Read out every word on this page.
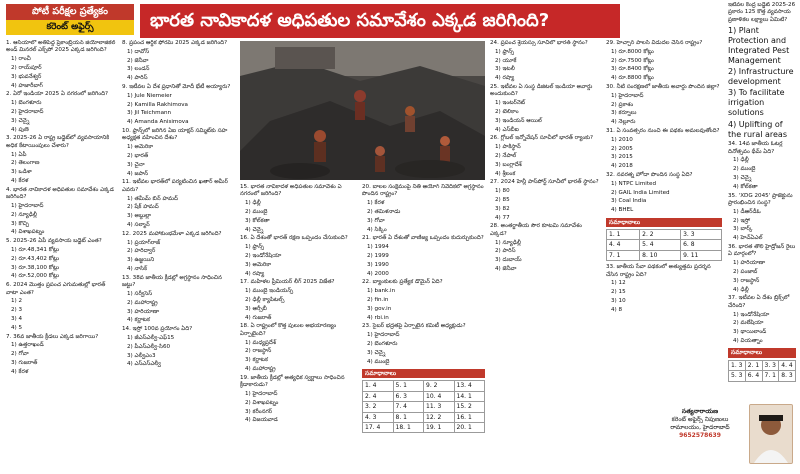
పోటీ పరీక్షల ప్రత్యేకం
కరెంట్ అఫైర్స్	భారత నావికాదళ అధిపతుల సమావేశం ఎక్కడ జరిగింది?

1. ఆసియాలో అతిపెద్ద ప్రెకాంబ్రియన్ జియోలాజికల్ అండ్ మినరల్ ఎక్స్‌పో 2025 ఎక్కడ జరిగింది?

1) రాంచీ

2) రాయ్‌పూర్

3) భువనేశ్వర్

4) హజారీబాగ్

2. ఏరో ఇండియా 2025 ఏ నగరంలో జరిగింది?

1) బెంగళూరు

2) హైదరాబాద్

3) చెన్నై

4) పుణె

3. 2025-26 ఏ రాష్ట్ర బడ్జెట్‌లో వ్యవసాయానికి అధిక కేటాయింపులు చేశారు?

1) ఏపీ

2) తెలంగాణ

3) ఒడిశా

4) కేరళ

4. భారత నావికాదళ అధిపతుల సమావేశం ఎక్కడ జరిగింది?

1) హైదరాబాద్

2) న్యూఢిల్లీ

3) కొచ్చి

4) విశాఖపట్నం

5. 2025-26 ఏపీ వ్యవసాయ బడ్జెట్ ఎంత?

1) రూ.48,341 కోట్లు

2) రూ.43,402 కోట్లు

3) రూ.38,100 కోట్లు

4) రూ.52,000 కోట్లు

6. 2024 మొత్తం ప్రపంచ ఎగుమతుల్లో భారత్ వాటా ఎంత?

1) 2

2) 3

3) 4

4) 5

7. 36వ జాతీయ క్రీడలు ఎక్కడ జరిగాయి?

1) ఉత్తరాఖండ్

2) గోవా

3) గుజరాత్

4) కేరళ

8. ప్రపంచ ఆర్థిక ఫోరమ్ 2025 ఎక్కడ జరిగింది?

1) దావోస్

2) జెనీవా

3) లండన్

4) పారిస్

9. ఇటీవల ఏ దేశ ప్రధానితో మోదీ భేటీ అయ్యారు?

1) Jule Niemeier

2) Kamilla Rakhimova

3) Jil Teichmann

4) Amanda Anisimova

10. ఫ్రాన్స్‌లో జరిగిన ఏఐ యాక్షన్ సమ్మిట్‌కు సహ అధ్యక్షత వహించిన దేశం?

1) అమెరికా

2) భారత్

3) చైనా

4) జపాన్

11. ఇటీవల భారత్‌లో పర్యటించిన ఖతార్ అమీర్ ఎవరు?

1) తమీమ్ బిన్ హమద్

2) షేక్ హమద్

3) అబ్దుల్లా

4) సల్మాన్

12. 2025 మహాకుంభమేళా ఎక్కడ జరిగింది?

1) ప్రయాగ్‌రాజ్

2) హరిద్వార్

3) ఉజ్జయిని

4) నాసిక్

13. 38వ జాతీయ క్రీడల్లో అగ్రస్థానం సాధించిన జట్టు?

1) సర్వీసెస్

2) మహారాష్ట్ర

3) హరియాణా

4) కర్ణాటక

14. ఇస్రో 100వ ప్రయోగం ఏది?

1) జీఎస్ఎల్వీ-ఎఫ్15

2) పీఎస్ఎల్వీ-సి60

3) ఎల్వీఎం3

4) ఎస్ఎస్ఎల్వీ

15. భారత నావికాదళ అధిపతుల సమావేశం ఏ నగరంలో జరిగింది?

1) ఢిల్లీ

2) ముంబై

3) కోల్‌కతా

4) చెన్నై

16. ఏ దేశంతో భారత్ రక్షణ ఒప్పందం చేసుకుంది?

1) ఫ్రాన్స్

2) ఇండోనేషియా

3) అమెరికా

4) రష్యా

17. మహిళల ప్రీమియర్ లీగ్ 2025 విజేత?

1) ముంబై ఇండియన్స్

2) ఢిల్లీ క్యాపిటల్స్

3) ఆర్సీబీ

4) గుజరాత్

18. ఏ రాష్ట్రంలో కొత్త పులుల అభయారణ్యం ఏర్పాటైంది?

1) మధ్యప్రదేశ్

2) రాజస్థాన్

3) కర్ణాటక

4) మహారాష్ట్ర

19. జాతీయ క్రీడల్లో అత్యధిక స్వర్ణాలు సాధించిన క్రీడాకారుడు?

1) హైదరాబాద్

2) విశాఖపట్నం

3) కరీంనగర్

4) విజయవాడ

20. బాలల సంక్షేమంపై నీతి ఆయోగ్ నివేదికలో అగ్రస్థానం పొందిన రాష్ట్రం?

1) కేరళ

2) తమిళనాడు

3) గోవా

4) సిక్కిం

21. భారత్ ఏ దేశంతో వాణిజ్య ఒప్పందం కుదుర్చుకుంది?

1) 1994

2) 1999

3) 1990

4) 2000

22. బ్యాంకులకు ప్రత్యేక డొమైన్ ఏది?

1) bank.in

2) fin.in

3) gov.in

4) rbi.in

23. సైబర్ భద్రతపై ఏర్పాటైన కమిటీ అధ్యక్షుడు?

1) హైదరాబాద్

2) బెంగళూరు

3) చెన్నై

4) ముంబై

సమాధానాలు
1. 4	5. 1	9. 2	13. 4
2. 4	6. 3	10. 4	14. 1
3. 2	7. 4	11. 3	15. 2
4. 3	8. 1	12. 2	16. 1
17. 4	18. 1	19. 1	20. 1

24. ప్రపంచ శ్రేయస్సు సూచీలో భారత్ స్థానం?

1) ఫ్రాన్స్

2) యూకే

3) ఇటలీ

4) రష్యా

25. ఇటీవల ఏ సంస్థ డిజిటల్ ఇండియా అవార్డు అందుకుంది?

1) ఇంటర్‌నెట్

2) టెలికాం

3) ఇండియన్ ఆయిల్

4) ఎస్‌బీఐ

26. గ్లోబల్ ఇన్నోవేషన్ సూచీలో భారత్ ర్యాంకు?

1) పాకిస్థాన్

2) నేపాల్

3) బంగ్లాదేశ్

4) శ్రీలంక

27. 2024 హెన్లీ పాస్‌పోర్ట్ సూచీలో భారత్ స్థానం?

1) 80

2) 85

3) 82

4) 77

28. అంతర్జాతీయ సౌర కూటమి సమావేశం ఎక్కడ?

1) న్యూఢిల్లీ

2) పారిస్

3) దుబాయ్

4) జెనీవా

29. హెచ్చార్ పాలసీ విడుదల చేసిన రాష్ట్రం?

1) రూ.8000 కోట్లు

2) రూ.7500 కోట్లు

3) రూ.8400 కోట్లు

4) రూ.8800 కోట్లు

30. నీటి సంరక్షణలో జాతీయ అవార్డు పొందిన జిల్లా?

1) హైదరాబాద్

2) ప్రకాశం

3) కర్నూలు

4) నెల్లూరు

31. ఏ సంవత్సరం నుంచి ఈ పథకం అమలవుతోంది?

1) 2010

2) 2005

3) 2015

4) 2018

32. నవరత్న హోదా పొందిన సంస్థ ఏది?

1) NTPC Limited

2) GAIL India Limited

3) Coal India

4) BHEL

సమాధానాలు
1. 1	2. 2	3. 3
4. 4	5. 4	6. 8
7. 1	8. 10	9. 11

33. జాతీయ సేవా పథకంలో అత్యుత్తమ ప్రదర్శన చేసిన రాష్ట్రం ఏది?

1) 12

2) 15

3) 10

4) 8

ఇటీవల కేంద్ర బడ్జెట్ 2025-26 ప్రకారం 125 కొత్త వ్యవసాయ ప్రణాళికల లక్ష్యాలు ఏమిటి?

1) Plant Protection and Integrated Pest Management

2) Infrastructure development

3) To facilitate irrigation solutions

4) Uplifting of the rural areas

34. 14వ జాతీయ ఓటర్ల దినోత్సవం థీమ్ ఏది?

1) ఢిల్లీ

2) ముంబై

3) చెన్నై

4) కోల్‌కతా

35. 'XDG 2045' ప్రాజెక్టును ప్రారంభించిన సంస్థ?

1) డీఆర్‌డీఓ

2) ఇస్రో

3) బార్క్

4) హెచ్ఏఎల్

36. భారత తొలి హైడ్రోజన్ రైలు ఏ మార్గంలో?

1) హరియాణా

2) పంజాబ్

3) రాజస్థాన్

4) ఢిల్లీ

37. ఇటీవల ఏ దేశం బ్రిక్స్‌లో చేరింది?

1) ఇండోనేషియా

2) మలేషియా

3) థాయిలాండ్

4) వియత్నాం

సమాధానాలు
1. 3	2. 1	3. 3	4. 4
5. 3	6. 4	7. 1	8. 3
సత్యనారాయణ
కరెంట్ అఫైర్స్ నిపుణులు
రామాలయం, హైదరాబాద్
9652578639
